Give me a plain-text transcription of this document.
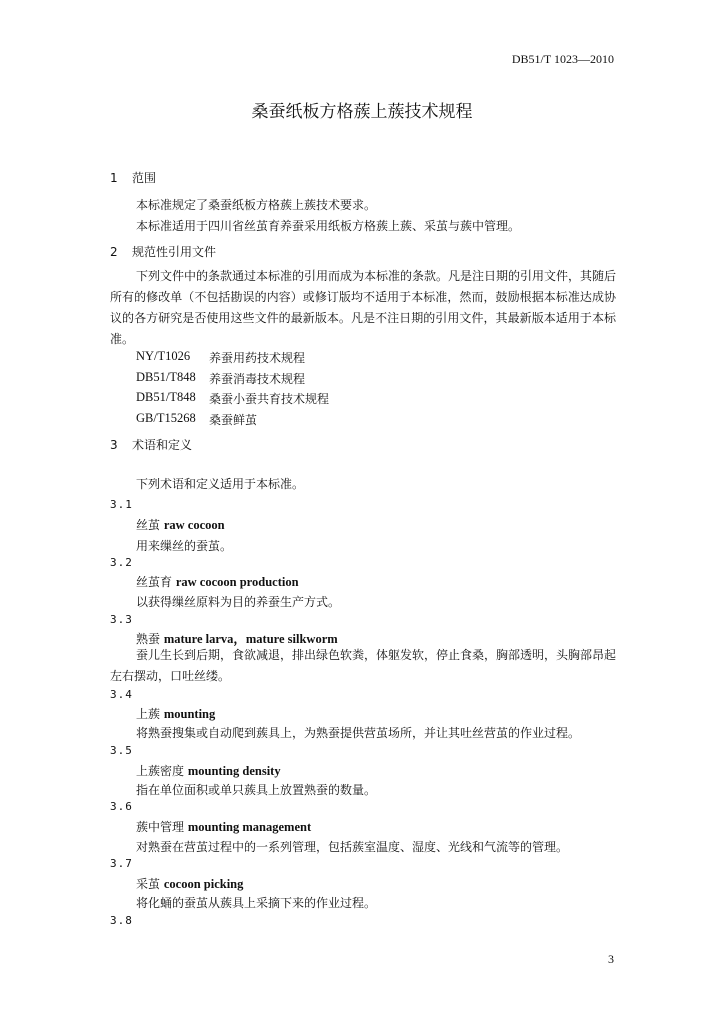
DB51/T 1023—2010
桑蚕纸板方格蔟上蔟技术规程
1 范围
本标准规定了桑蚕纸板方格蔟上蔟技术要求。
本标准适用于四川省丝茧育养蚕采用纸板方格蔟上蔟、采茧与蔟中管理。
2 规范性引用文件
下列文件中的条款通过本标准的引用而成为本标准的条款。凡是注日期的引用文件，其随后所有的修改单（不包括勘误的内容）或修订版均不适用于本标准，然而，鼓励根据本标准达成协议的各方研究是否使用这些文件的最新版本。凡是不注日期的引用文件，其最新版本适用于本标准。
NY/T1026 养蚕用药技术规程
DB51/T848 养蚕消毒技术规程
DB51/T848 桑蚕小蚕共育技术规程
GB/T15268 桑蚕鲜茧
3 术语和定义
下列术语和定义适用于本标准。
3.1
丝茧 raw cocoon
用来缫丝的蚕茧。
3.2
丝茧育 raw cocoon production
以获得缫丝原料为目的养蚕生产方式。
3.3
熟蚕 mature larva，mature silkworm
蚕儿生长到后期，食欲减退，排出绿色软粪，体躯发软，停止食桑，胸部透明，头胸部昂起左右摆动，口吐丝缕。
3.4
上蔟 mounting
将熟蚕搜集或自动爬到蔟具上，为熟蚕提供营茧场所，并让其吐丝营茧的作业过程。
3.5
上蔟密度 mounting density
指在单位面积或单只蔟具上放置熟蚕的数量。
3.6
蔟中管理 mounting management
对熟蚕在营茧过程中的一系列管理，包括蔟室温度、湿度、光线和气流等的管理。
3.7
采茧 cocoon picking
将化蛹的蚕茧从蔟具上采摘下来的作业过程。
3.8
3
